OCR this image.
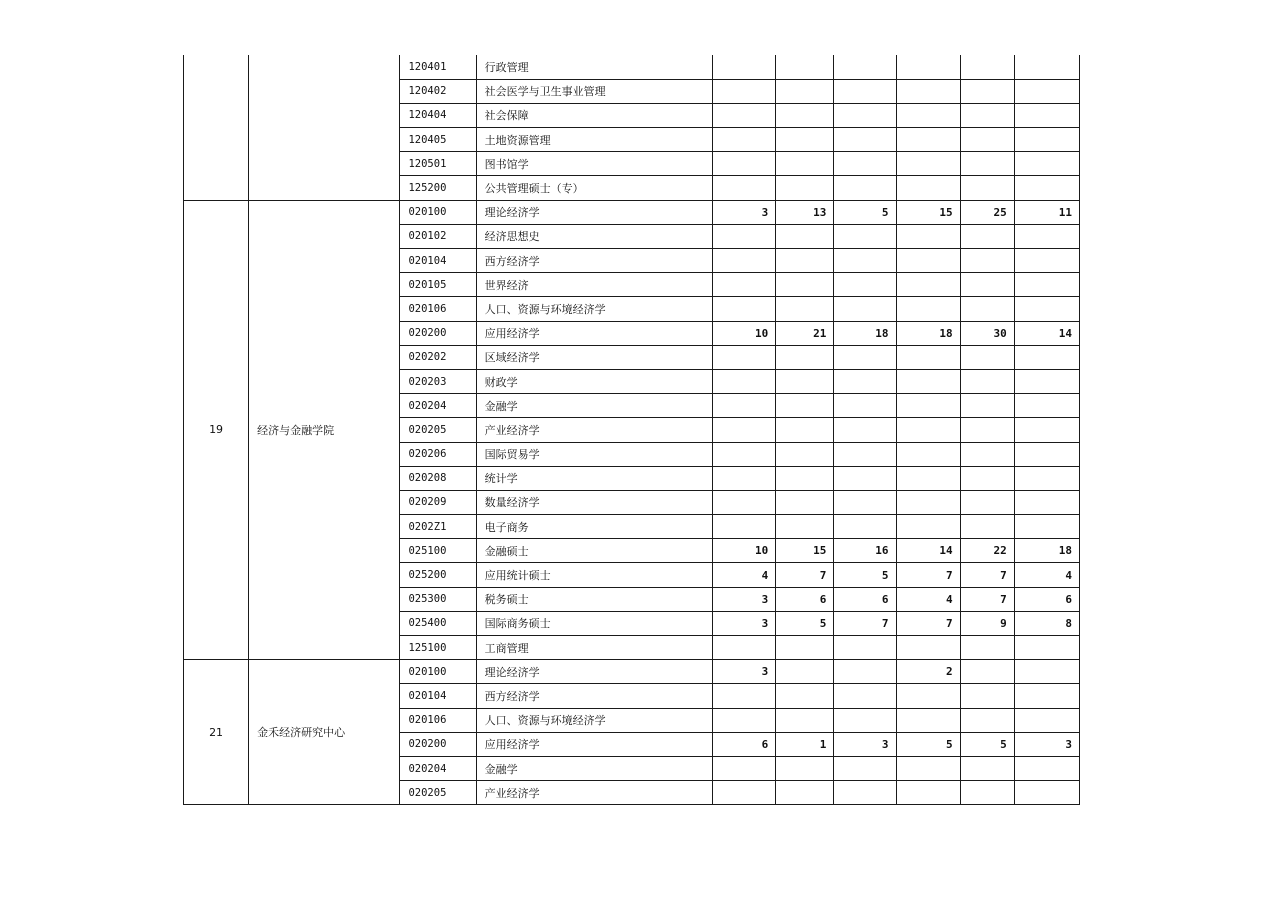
		120401	行政管理						
		120402	社会医学与卫生事业管理						
		120404	社会保障						
		120405	土地资源管理						
		120501	图书馆学						
		125200	公共管理硕士（专）						
19	经济与金融学院	020100	理论经济学	3	13	5	15	25	11
		020102	经济思想史						
		020104	西方经济学						
		020105	世界经济						
		020106	人口、资源与环境经济学						
		020200	应用经济学	10	21	18	18	30	14
		020202	区域经济学						
		020203	财政学						
		020204	金融学						
		020205	产业经济学						
		020206	国际贸易学						
		020208	统计学						
		020209	数量经济学						
		0202Z1	电子商务						
		025100	金融硕士	10	15	16	14	22	18
		025200	应用统计硕士	4	7	5	7	7	4
		025300	税务硕士	3	6	6	4	7	6
		025400	国际商务硕士	3	5	7	7	9	8
		125100	工商管理						
21	金禾经济研究中心	020100	理论经济学	3			2		
		020104	西方经济学						
		020106	人口、资源与环境经济学						
		020200	应用经济学	6	1	3	5	5	3
		020204	金融学						
		020205	产业经济学						
